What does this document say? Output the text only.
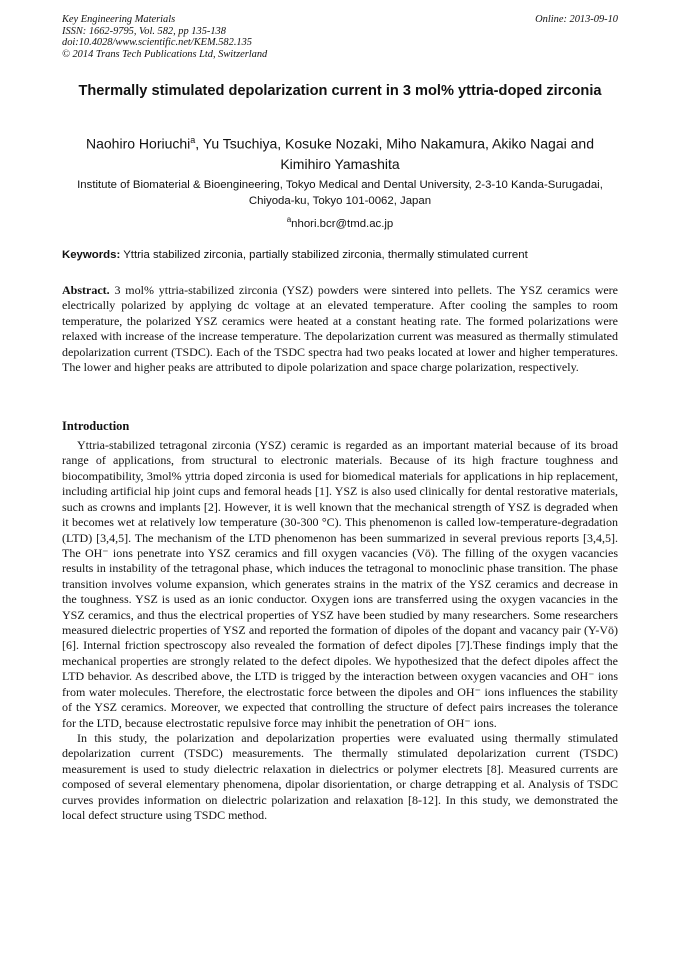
Key Engineering Materials
ISSN: 1662-9795, Vol. 582, pp 135-138
doi:10.4028/www.scientific.net/KEM.582.135
© 2014 Trans Tech Publications Ltd, Switzerland
Online: 2013-09-10
Thermally stimulated depolarization current in 3 mol% yttria-doped zirconia
Naohiro Horiuchi$^a$, Yu Tsuchiya, Kosuke Nozaki, Miho Nakamura, Akiko Nagai and Kimihiro Yamashita
Institute of Biomaterial & Bioengineering, Tokyo Medical and Dental University, 2-3-10 Kanda-Surugadai, Chiyoda-ku, Tokyo 101-0062, Japan
$^a$nhori.bcr@tmd.ac.jp
Keywords: Yttria stabilized zirconia, partially stabilized zirconia, thermally stimulated current
Abstract. 3 mol% yttria-stabilized zirconia (YSZ) powders were sintered into pellets. The YSZ ceramics were electrically polarized by applying dc voltage at an elevated temperature. After cooling the samples to room temperature, the polarized YSZ ceramics were heated at a constant heating rate. The formed polarizations were relaxed with increase of the increase temperature. The depolarization current was measured as thermally stimulated depolarization current (TSDC). Each of the TSDC spectra had two peaks located at lower and higher temperatures. The lower and higher peaks are attributed to dipole polarization and space charge polarization, respectively.
Introduction

Yttria-stabilized tetragonal zirconia (YSZ) ceramic is regarded as an important material because of its broad range of applications, from structural to electronic materials. Because of its high fracture toughness and biocompatibility, 3mol% yttria doped zirconia is used for biomedical materials for applications in hip replacement, including artificial hip joint cups and femoral heads [1]. YSZ is also used clinically for dental restorative materials, such as crowns and implants [2]. However, it is well known that the mechanical strength of YSZ is degraded when it becomes wet at relatively low temperature (30-300 °C). This phenomenon is called low-temperature-degradation (LTD) [3,4,5]. The mechanism of the LTD phenomenon has been summarized in several previous reports [3,4,5]. The OH⁻ ions penetrate into YSZ ceramics and fill oxygen vacancies (Vö). The filling of the oxygen vacancies results in instability of the tetragonal phase, which induces the tetragonal to monoclinic phase transition. The phase transition involves volume expansion, which generates strains in the matrix of the YSZ ceramics and decrease in the toughness. YSZ is used as an ionic conductor. Oxygen ions are transferred using the oxygen vacancies in the YSZ ceramics, and thus the electrical properties of YSZ have been studied by many researchers. Some researchers measured dielectric properties of YSZ and reported the formation of dipoles of the dopant and vacancy pair (Y-Vö) [6]. Internal friction spectroscopy also revealed the formation of defect dipoles [7].These findings imply that the mechanical properties are strongly related to the defect dipoles. We hypothesized that the defect dipoles affect the LTD behavior. As described above, the LTD is trigged by the interaction between oxygen vacancies and OH⁻ ions from water molecules. Therefore, the electrostatic force between the dipoles and OH⁻ ions influences the stability of the YSZ ceramics. Moreover, we expected that controlling the structure of defect pairs increases the tolerance for the LTD, because electrostatic repulsive force may inhibit the penetration of OH⁻ ions.

In this study, the polarization and depolarization properties were evaluated using thermally stimulated depolarization current (TSDC) measurements. The thermally stimulated depolarization current (TSDC) measurement is used to study dielectric relaxation in dielectrics or polymer electrets [8]. Measured currents are composed of several elementary phenomena, dipolar disorientation, or charge detrapping et al. Analysis of TSDC curves provides information on dielectric polarization and relaxation [8-12]. In this study, we demonstrated the local defect structure using TSDC method.
